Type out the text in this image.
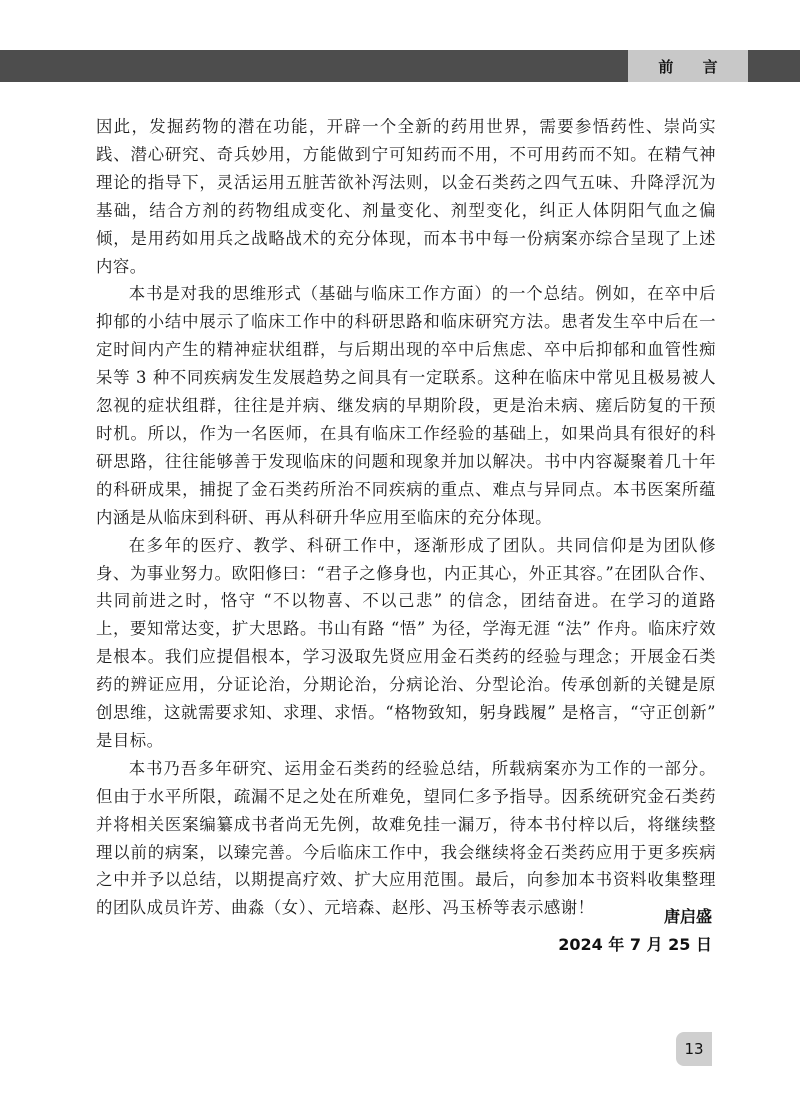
前 言

因此，发掘药物的潜在功能，开辟一个全新的药用世界，需要参悟药性、崇尚实践、潜心研究、奇兵妙用，方能做到宁可知药而不用，不可用药而不知。在精气神理论的指导下，灵活运用五脏苦欲补泻法则，以金石类药之四气五味、升降浮沉为基础，结合方剂的药物组成变化、剂量变化、剂型变化，纠正人体阴阳气血之偏倾，是用药如用兵之战略战术的充分体现，而本书中每一份病案亦综合呈现了上述内容。

本书是对我的思维形式（基础与临床工作方面）的一个总结。例如，在卒中后抑郁的小结中展示了临床工作中的科研思路和临床研究方法。患者发生卒中后在一定时间内产生的精神症状组群，与后期出现的卒中后焦虑、卒中后抑郁和血管性痴呆等 3 种不同疾病发生发展趋势之间具有一定联系。这种在临床中常见且极易被人忽视的症状组群，往往是并病、继发病的早期阶段，更是治未病、瘥后防复的干预时机。所以，作为一名医师，在具有临床工作经验的基础上，如果尚具有很好的科研思路，往往能够善于发现临床的问题和现象并加以解决。书中内容凝聚着几十年的科研成果，捕捉了金石类药所治不同疾病的重点、难点与异同点。本书医案所蕴内涵是从临床到科研、再从科研升华应用至临床的充分体现。

在多年的医疗、教学、科研工作中，逐渐形成了团队。共同信仰是为团队修身、为事业努力。欧阳修曰：“君子之修身也，内正其心，外正其容。”在团队合作、共同前进之时，恪守 “不以物喜、不以己悲” 的信念，团结奋进。在学习的道路上，要知常达变，扩大思路。书山有路 “悟” 为径，学海无涯 “法” 作舟。临床疗效是根本。我们应提倡根本，学习汲取先贤应用金石类药的经验与理念；开展金石类药的辨证应用，分证论治，分期论治，分病论治、分型论治。传承创新的关键是原创思维，这就需要求知、求理、求悟。“格物致知，躬身践履” 是格言，“守正创新” 是目标。

本书乃吾多年研究、运用金石类药的经验总结，所载病案亦为工作的一部分。但由于水平所限，疏漏不足之处在所难免，望同仁多予指导。因系统研究金石类药并将相关医案编纂成书者尚无先例，故难免挂一漏万，待本书付梓以后，将继续整理以前的病案，以臻完善。今后临床工作中，我会继续将金石类药应用于更多疾病之中并予以总结，以期提高疗效、扩大应用范围。最后，向参加本书资料收集整理的团队成员许芳、曲淼（女）、元培森、赵彤、冯玉桥等表示感谢！	唐启盛
2024 年 7 月 25 日
13
